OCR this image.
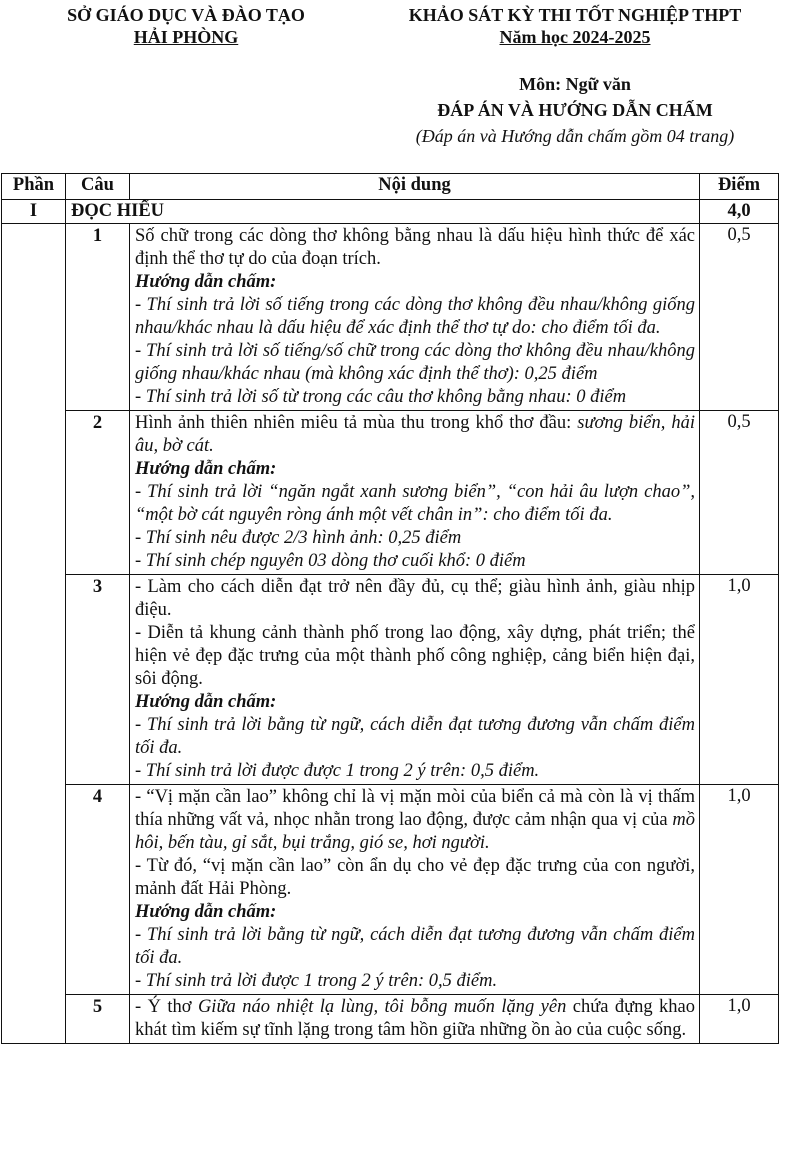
SỞ GIÁO DỤC VÀ ĐÀO TẠO
HẢI PHÒNG
KHẢO SÁT KỲ THI TỐT NGHIỆP THPT
Năm học 2024-2025
Môn: Ngữ văn
ĐÁP ÁN VÀ HƯỚNG DẪN CHẤM
(Đáp án và Hướng dẫn chấm gồm 04 trang)
Phần	Câu	Nội dung	Điểm
I	ĐỌC HIỂU		4,0
	1	Số chữ trong các dòng thơ không bằng nhau là dấu hiệu hình thức để xác định thể thơ tự do của đoạn trích.

Hướng dẫn chấm:

- Thí sinh trả lời số tiếng trong các dòng thơ không đều nhau/không giống nhau/khác nhau là dấu hiệu để xác định thể thơ tự do: cho điểm tối đa.

- Thí sinh trả lời số tiếng/số chữ trong các dòng thơ không đều nhau/không giống nhau/khác nhau (mà không xác định thể thơ): 0,25 điểm

- Thí sinh trả lời số từ trong các câu thơ không bằng nhau: 0 điểm	0,5
	2	Hình ảnh thiên nhiên miêu tả mùa thu trong khổ thơ đầu: sương biển, hải âu, bờ cát.

Hướng dẫn chấm:

- Thí sinh trả lời “ngăn ngắt xanh sương biển”, “con hải âu lượn chao”, “một bờ cát nguyên ròng ánh một vết chân in”: cho điểm tối đa.

- Thí sinh nêu được 2/3 hình ảnh: 0,25 điểm

- Thí sinh chép nguyên 03 dòng thơ cuối khổ: 0 điểm	0,5
	3	- Làm cho cách diễn đạt trở nên đầy đủ, cụ thể; giàu hình ảnh, giàu nhịp điệu.

- Diễn tả khung cảnh thành phố trong lao động, xây dựng, phát triển; thể hiện vẻ đẹp đặc trưng của một thành phố công nghiệp, cảng biển hiện đại, sôi động.

Hướng dẫn chấm:

- Thí sinh trả lời bằng từ ngữ, cách diễn đạt tương đương vẫn chấm điểm tối đa.

- Thí sinh trả lời được được 1 trong 2 ý trên: 0,5 điểm.	1,0
	4	- “Vị mặn cần lao” không chỉ là vị mặn mòi của biển cả mà còn là vị thấm thía những vất vả, nhọc nhằn trong lao động, được cảm nhận qua vị của mồ hôi, bến tàu, gỉ sắt, bụi trắng, gió se, hơi người.

- Từ đó, “vị mặn cần lao” còn ẩn dụ cho vẻ đẹp đặc trưng của con người, mảnh đất Hải Phòng.

Hướng dẫn chấm:

- Thí sinh trả lời bằng từ ngữ, cách diễn đạt tương đương vẫn chấm điểm tối đa.

- Thí sinh trả lời được 1 trong 2 ý trên: 0,5 điểm.	1,0
	5	- Ý thơ Giữa náo nhiệt lạ lùng, tôi bỗng muốn lặng yên chứa đựng khao khát tìm kiếm sự tĩnh lặng trong tâm hồn giữa những ồn ào của cuộc sống.	1,0
